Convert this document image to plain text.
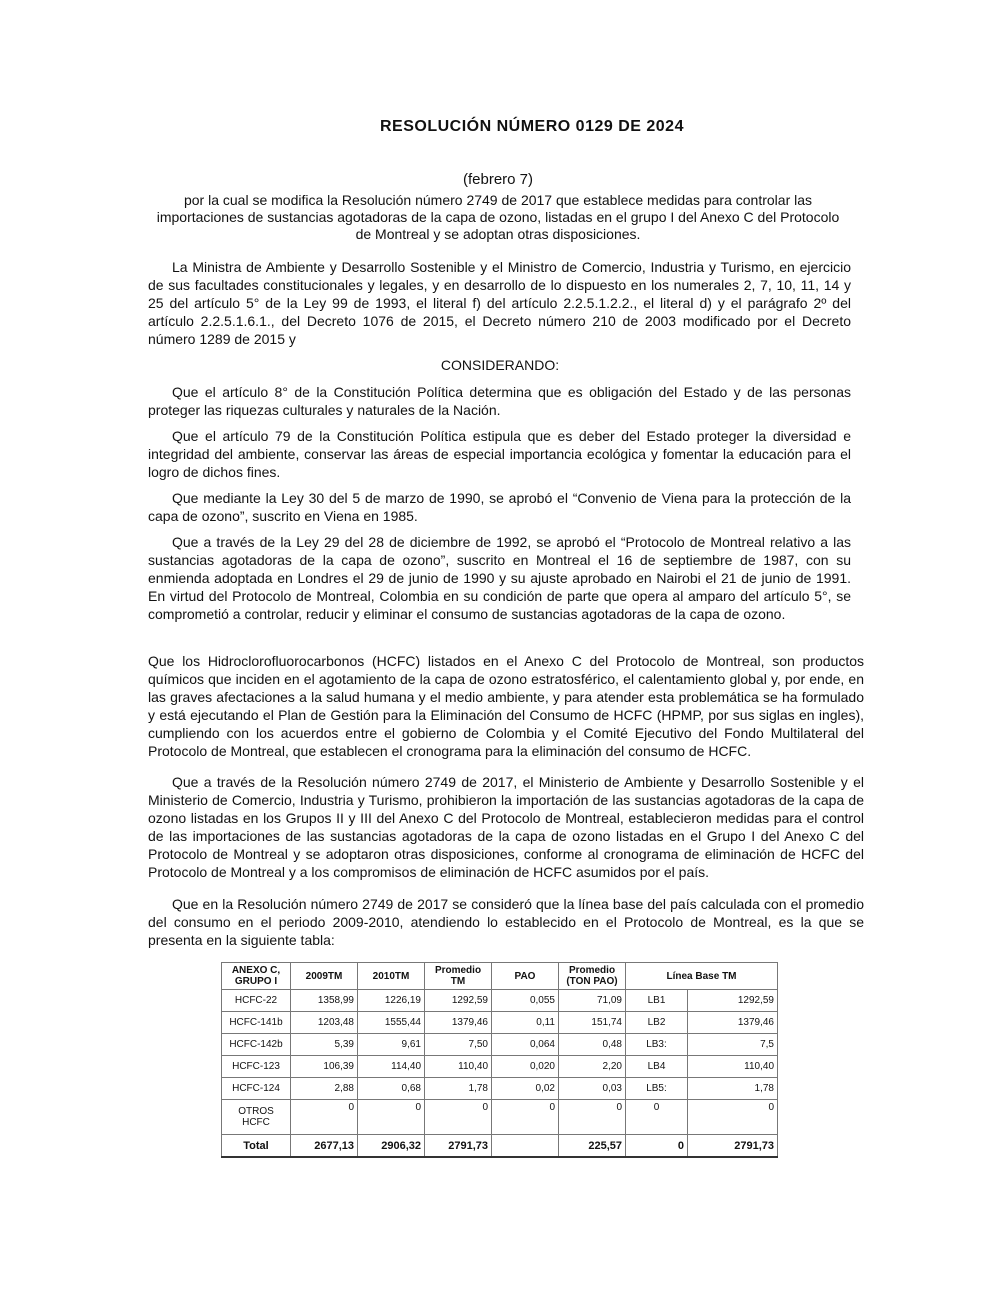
RESOLUCIÓN NÚMERO 0129 DE 2024
(febrero 7)
por la cual se modifica la Resolución número 2749 de 2017 que establece medidas para controlar las importaciones de sustancias agotadoras de la capa de ozono, listadas en el grupo I del Anexo C del Protocolo de Montreal y se adoptan otras disposiciones.
La Ministra de Ambiente y Desarrollo Sostenible y el Ministro de Comercio, Industria y Turismo, en ejercicio de sus facultades constitucionales y legales, y en desarrollo de lo dispuesto en los numerales 2, 7, 10, 11, 14 y 25 del artículo 5° de la Ley 99 de 1993, el literal f) del artículo 2.2.5.1.2.2., el literal d) y el parágrafo 2º del artículo 2.2.5.1.6.1., del Decreto 1076 de 2015, el Decreto número 210 de 2003 modificado por el Decreto número 1289 de 2015 y
CONSIDERANDO:
Que el artículo 8° de la Constitución Política determina que es obligación del Estado y de las personas proteger las riquezas culturales y naturales de la Nación.
Que el artículo 79 de la Constitución Política estipula que es deber del Estado proteger la diversidad e integridad del ambiente, conservar las áreas de especial importancia ecológica y fomentar la educación para el logro de dichos fines.
Que mediante la Ley 30 del 5 de marzo de 1990, se aprobó el “Convenio de Viena para la protección de la capa de ozono”, suscrito en Viena en 1985.
Que a través de la Ley 29 del 28 de diciembre de 1992, se aprobó el “Protocolo de Montreal relativo a las sustancias agotadoras de la capa de ozono”, suscrito en Montreal el 16 de septiembre de 1987, con su enmienda adoptada en Londres el 29 de junio de 1990 y su ajuste aprobado en Nairobi el 21 de junio de 1991. En virtud del Protocolo de Montreal, Colombia en su condición de parte que opera al amparo del artículo 5°, se comprometió a controlar, reducir y eliminar el consumo de sustancias agotadoras de la capa de ozono.
Que los Hidroclorofluorocarbonos (HCFC) listados en el Anexo C del Protocolo de Montreal, son productos químicos que inciden en el agotamiento de la capa de ozono estratosférico, el calentamiento global y, por ende, en las graves afectaciones a la salud humana y el medio ambiente, y para atender esta problemática se ha formulado y está ejecutando el Plan de Gestión para la Eliminación del Consumo de HCFC (HPMP, por sus siglas en ingles), cumpliendo con los acuerdos entre el gobierno de Colombia y el Comité Ejecutivo del Fondo Multilateral del Protocolo de Montreal, que establecen el cronograma para la eliminación del consumo de HCFC.
Que a través de la Resolución número 2749 de 2017, el Ministerio de Ambiente y Desarrollo Sostenible y el Ministerio de Comercio, Industria y Turismo, prohibieron la importación de las sustancias agotadoras de la capa de ozono listadas en los Grupos II y III del Anexo C del Protocolo de Montreal, establecieron medidas para el control de las importaciones de las sustancias agotadoras de la capa de ozono listadas en el Grupo I del Anexo C del Protocolo de Montreal y se adoptaron otras disposiciones, conforme al cronograma de eliminación de HCFC del Protocolo de Montreal y a los compromisos de eliminación de HCFC asumidos por el país.
Que en la Resolución número 2749 de 2017 se consideró que la línea base del país calculada con el promedio del consumo en el periodo 2009-2010, atendiendo lo establecido en el Protocolo de Montreal, es la que se presenta en la siguiente tabla:
ANEXO C, GRUPO I	2009TM	2010TM	Promedio TM	PAO	Promedio (TON PAO)	Línea Base TM	
HCFC-22	1358,99	1226,19	1292,59	0,055	71,09	LB1	1292,59
HCFC-141b	1203,48	1555,44	1379,46	0,11	151,74	LB2	1379,46
HCFC-142b	5,39	9,61	7,50	0,064	0,48	LB3:	7,5
HCFC-123	106,39	114,40	110,40	0,020	2,20	LB4	110,40
HCFC-124	2,88	0,68	1,78	0,02	0,03	LB5:	1,78
OTROS HCFC	0	0	0	0	0	0	0
Total	2677,13	2906,32	2791,73		225,57	0	2791,73
